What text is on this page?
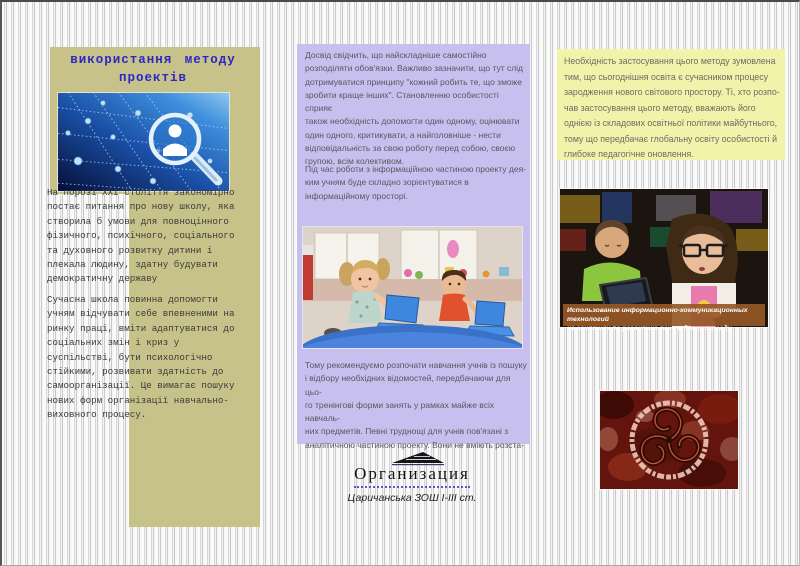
використання методу
проектів
На порозі XXI століття закономірно
постає питання про нову школу, яка
створила б умови для повноцінного
фізичного, психічного, соціального
та духовного розвитку дитини і
плекала людину, здатну будувати
демократичну державу
Сучасна школа повинна допомогти
учням відчувати себе впевненими на
ринку праці, вміти адаптуватися до
соціальних змін і криз у
суспільстві, бути психологічно
стійкими, розвивати здатність до
самоорганізації. Це вимагає пошуку
нових форм організації навчально-
виховного процесу.
Досвід свідчить, що найскладніше самостійно
розподіляти обов'язки. Важливо зазначити, що тут слід
дотримуватися принципу "кожний робить те, що зможе
зробити краще інших". Становленню особистості сприяє
також необхідність допомогти один одному, оцінювати
один одного, критикувати, а найголовніше - нести
відповідальність за свою роботу перед собою, своєю
групою, всім колективом.
Під час роботи з інформаційною частиною проекту дея-
ким учням буде складно зорієнтуватися в
інформаційному просторі.
Тому рекомендуємо розпочати навчання учнів із пошуку
і відбору необхідних відомостей, передбачаючи для цьо-
го тренінгові форми занять у рамках майже всіх навчаль-
них предметів. Певні труднощі для учнів пов'язані з
аналітичною частиною проекту. Вони не вміють розста-
Организация
Царичанська ЗОШ І-ІІІ ст.
Необхідність застосування цього методу зумовлена
тим, що сьогоднішня освіта є сучасником процесу
зародження нового світового простору. Ті, хто розпо-
чав застосування цього методу, вважають його
однією із складових освітньої політики майбутнього,
тому що передбачає глобальну освіту особистості й
глибоке педагогічне оновлення.
Использование информационно-коммуникационных технологий
на занятиях по развитию речи в детском саду
